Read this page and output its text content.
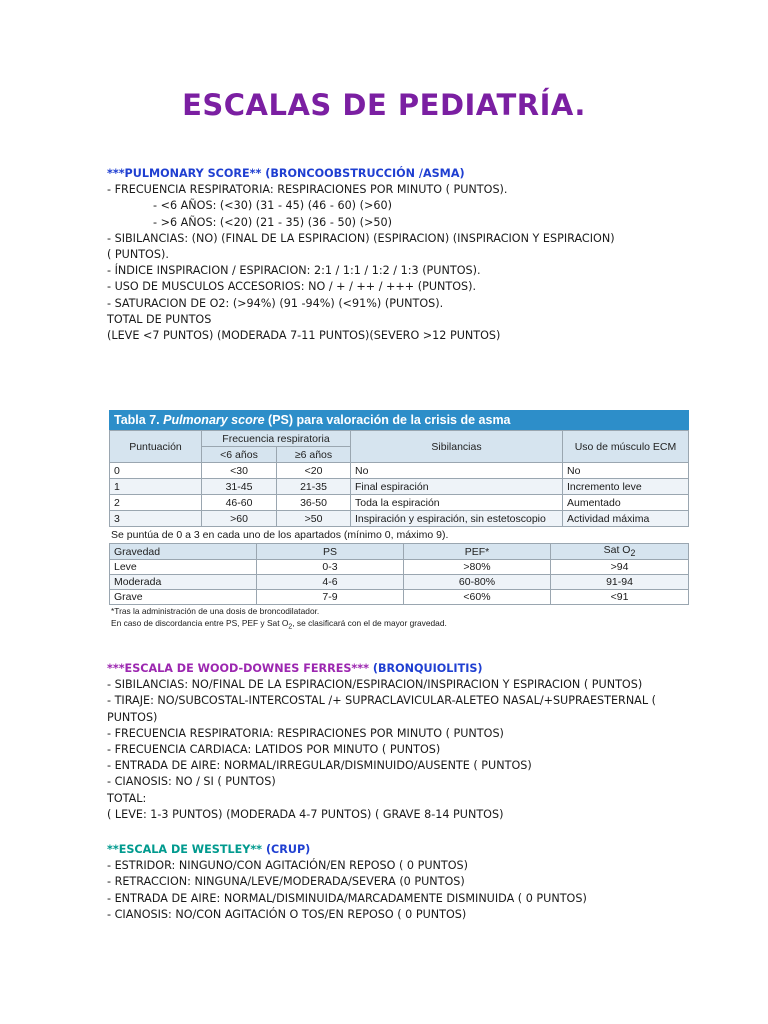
ESCALAS DE PEDIATRÍA.

***PULMONARY SCORE** (BRONCOOBSTRUCCIÓN /ASMA)

- FRECUENCIA RESPIRATORIA: RESPIRACIONES POR MINUTO ( PUNTOS).

- <6 AÑOS: (<30) (31 - 45) (46 - 60) (>60)

- >6 AÑOS: (<20) (21 - 35) (36 - 50) (>50)

- SIBILANCIAS: (NO) (FINAL DE LA ESPIRACION) (ESPIRACION) (INSPIRACION Y ESPIRACION)

( PUNTOS).

- ÍNDICE INSPIRACION / ESPIRACION: 2:1 / 1:1 / 1:2 / 1:3 (PUNTOS).

- USO DE MUSCULOS ACCESORIOS: NO / + / ++ / +++ (PUNTOS).

- SATURACION DE O2: (>94%) (91 -94%) (<91%) (PUNTOS).

TOTAL DE PUNTOS

(LEVE <7 PUNTOS) (MODERADA 7-11 PUNTOS)(SEVERO >12 PUNTOS)

Tabla 7. Pulmonary score (PS) para valoración de la crisis de asma
Puntuación	Frecuencia respiratoria		Sibilancias	Uso de músculo ECM
	<6 años	≥6 años		
0	<30	<20	No	No
1	31-45	21-35	Final espiración	Incremento leve
2	46-60	36-50	Toda la espiración	Aumentado
3	>60	>50	Inspiración y espiración, sin estetoscopio	Actividad máxima

Se puntúa de 0 a 3 en cada uno de los apartados (mínimo 0, máximo 9).

Gravedad	PS	PEF*	Sat $O_2$
Leve	0-3	>80%	>94
Moderada	4-6	60-80%	91-94
Grave	7-9	<60%	<91

*Tras la administración de una dosis de broncodilatador.

En caso de discordancia entre PS, PEF y Sat $O_2$, se clasificará con el de mayor gravedad.

***ESCALA DE WOOD-DOWNES FERRES*** (BRONQUIOLITIS)

- SIBILANCIAS: NO/FINAL DE LA ESPIRACION/ESPIRACION/INSPIRACION Y ESPIRACION ( PUNTOS)

- TIRAJE: NO/SUBCOSTAL-INTERCOSTAL /+ SUPRACLAVICULAR-ALETEO NASAL/+SUPRAESTERNAL (

PUNTOS)

- FRECUENCIA RESPIRATORIA: RESPIRACIONES POR MINUTO ( PUNTOS)

- FRECUENCIA CARDIACA: LATIDOS POR MINUTO ( PUNTOS)

- ENTRADA DE AIRE: NORMAL/IRREGULAR/DISMINUIDO/AUSENTE ( PUNTOS)

- CIANOSIS: NO / SI ( PUNTOS)

TOTAL:

( LEVE: 1-3 PUNTOS) (MODERADA 4-7 PUNTOS) ( GRAVE 8-14 PUNTOS)

**ESCALA DE WESTLEY** (CRUP)

- ESTRIDOR: NINGUNO/CON AGITACIÓN/EN REPOSO ( 0 PUNTOS)

- RETRACCION: NINGUNA/LEVE/MODERADA/SEVERA (0 PUNTOS)

- ENTRADA DE AIRE: NORMAL/DISMINUIDA/MARCADAMENTE DISMINUIDA ( 0 PUNTOS)

- CIANOSIS: NO/CON AGITACIÓN O TOS/EN REPOSO ( 0 PUNTOS)
